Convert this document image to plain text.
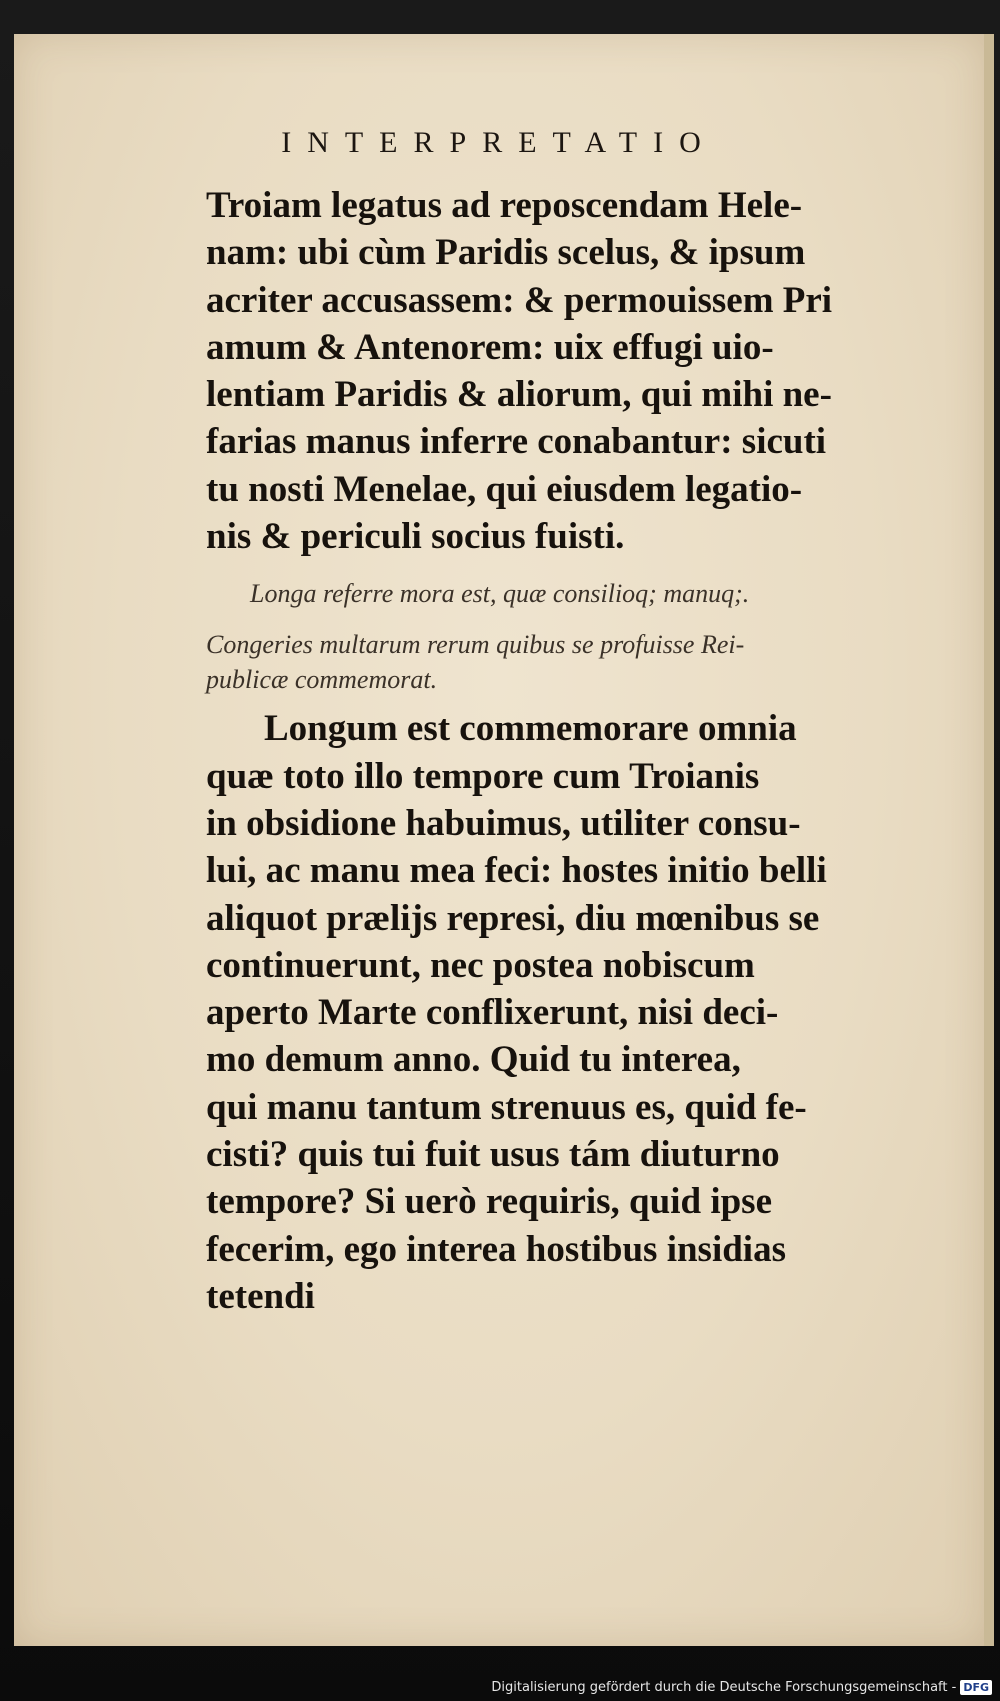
INTERPRETATIO
Troiam legatus ad reposcendam Hele-
nam: ubi cùm Paridis scelus, & ipsum
acriter accusassem: & permouissem Pri
amum & Antenorem: uix effugi uio-
lentiam Paridis & aliorum, qui mihi ne-
farias manus inferre conabantur: sicuti
tu nosti Menelae, qui eiusdem legatio-
nis & periculi socius fuisti.
Longa referre mora est, quæ consilioq; manuq;.
Congeries multarum rerum quibus se profuisse Rei-
publicæ commemorat.
Longum est commemorare omnia
quæ toto illo tempore cum Troianis
in obsidione habuimus, utiliter consu-
lui, ac manu mea feci: hostes initio belli
aliquot prælijs represi, diu mœnibus se
continuerunt, nec postea nobiscum
aperto Marte conflixerunt, nisi deci-
mo demum anno. Quid tu interea,
qui manu tantum strenuus es, quid fe-
cisti? quis tui fuit usus tám diuturno
tempore? Si uerò requiris, quid ipse
fecerim, ego interea hostibus insidias
tetendi
Digitalisierung gefördert durch die Deutsche Forschungsgemeinschaft - DFG
